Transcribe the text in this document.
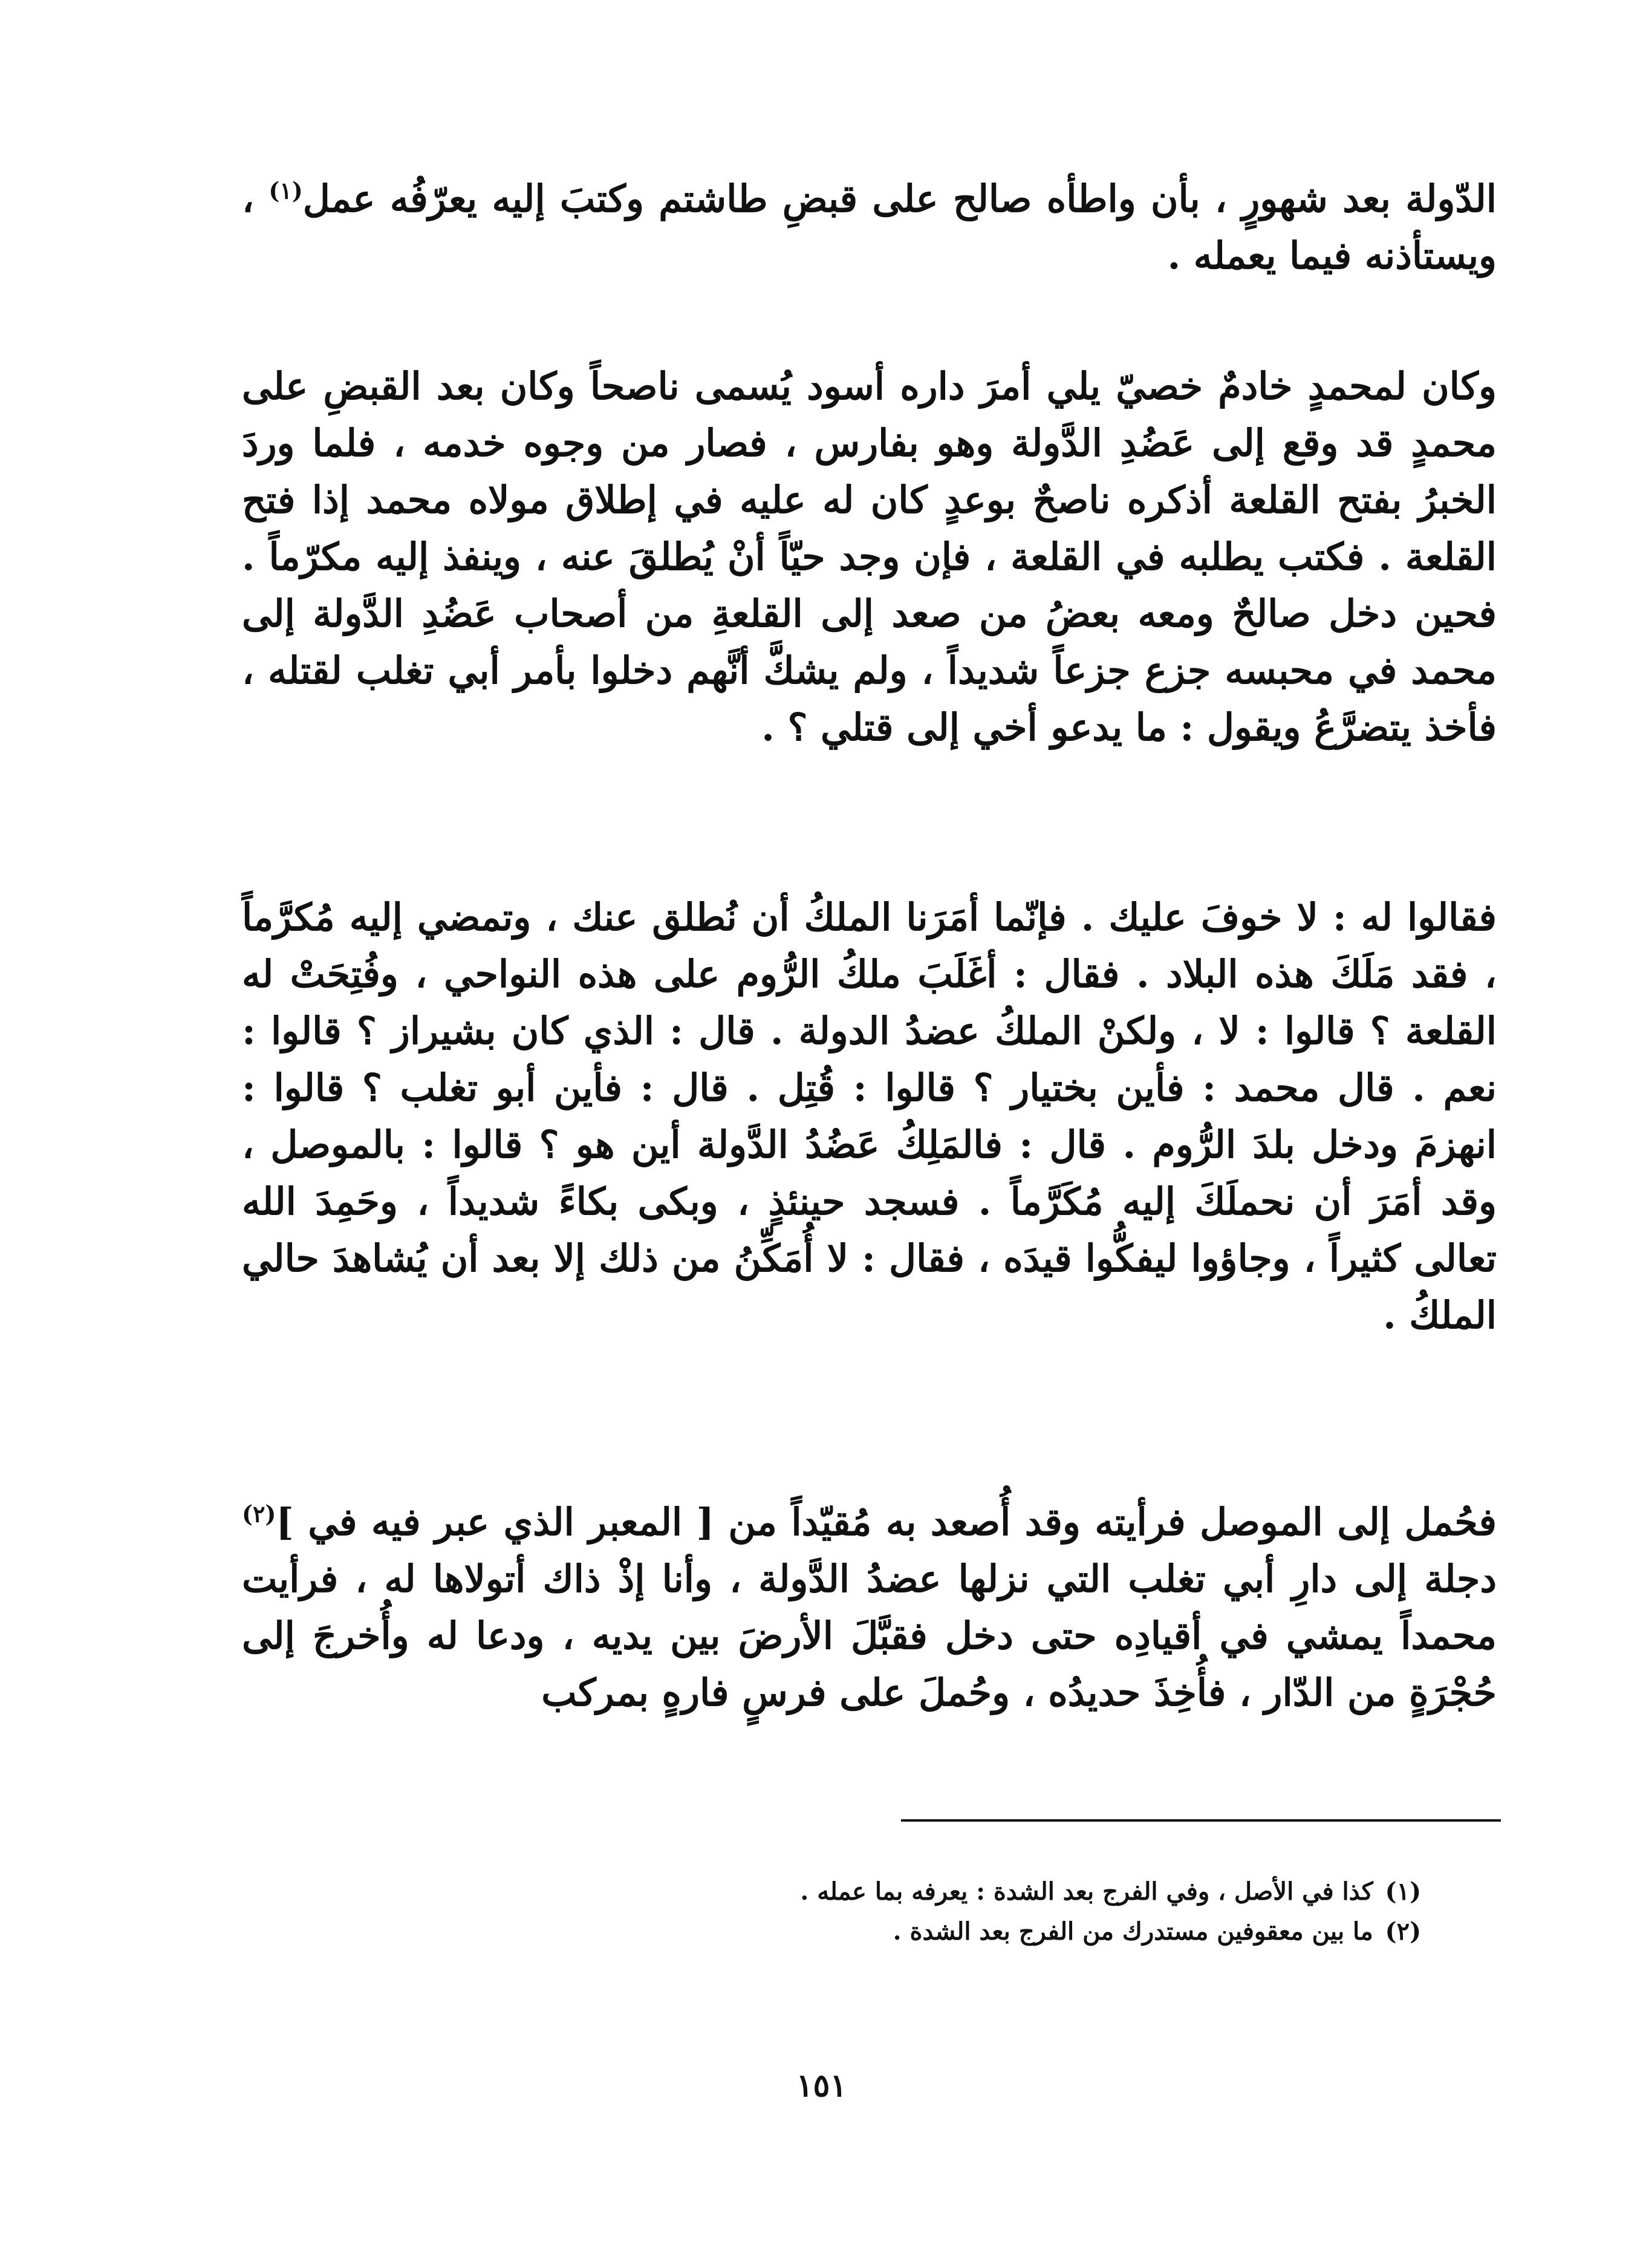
الدّولة بعد شهورٍ ، بأن واطأه صالح على قبضِ طاشتم وكتبَ إليه يعرّفُه عمل$^{(١)}$ ، ويستأذنه فيما يعمله .

وكان لمحمدٍ خادمٌ خصيّ يلي أمرَ داره أسود يُسمى ناصحاً وكان بعد القبضِ على محمدٍ قد وقع إلى عَضُدِ الدَّولة وهو بفارس ، فصار من وجوه خدمه ، فلما وردَ الخبرُ بفتح القلعة أذكره ناصحٌ بوعدٍ كان له عليه في إطلاق مولاه محمد إذا فتح القلعة . فكتب يطلبه في القلعة ، فإن وجد حيّاً أنْ يُطلقَ عنه ، وينفذ إليه مكرّماً . فحين دخل صالحٌ ومعه بعضُ من صعد إلى القلعةِ من أصحاب عَضُدِ الدَّولة إلى محمد في محبسه جزع جزعاً شديداً ، ولم يشكَّ أنَّهم دخلوا بأمر أبي تغلب لقتله ، فأخذ يتضرَّعُ ويقول : ما يدعو أخي إلى قتلي ؟ .

فقالوا له : لا خوفَ عليك . فإنّما أمَرَنا الملكُ أن نُطلق عنك ، وتمضي إليه مُكرَّماً ، فقد مَلَكَ هذه البلاد . فقال : أغَلَبَ ملكُ الرُّوم على هذه النواحي ، وفُتِحَتْ له القلعة ؟ قالوا : لا ، ولكنْ الملكُ عضدُ الدولة . قال : الذي كان بشيراز ؟ قالوا : نعم . قال محمد : فأين بختيار ؟ قالوا : قُتِل . قال : فأين أبو تغلب ؟ قالوا : انهزمَ ودخل بلدَ الرُّوم . قال : فالمَلِكُ عَضُدُ الدَّولة أين هو ؟ قالوا : بالموصل ، وقد أمَرَ أن نحملَكَ إليه مُكَرَّماً . فسجد حينئذٍ ، وبكى بكاءً شديداً ، وحَمِدَ الله تعالى كثيراً ، وجاؤوا ليفكُّوا قيدَه ، فقال : لا أُمَكِّنُ من ذلك إلا بعد أن يُشاهدَ حالي الملكُ .

فحُمل إلى الموصل فرأيته وقد أُصعد به مُقيّداً من [ المعبر الذي عبر فيه في ]$^{(٢)}$ دجلة إلى دارِ أبي تغلب التي نزلها عضدُ الدَّولة ، وأنا إذْ ذاك أتولاها له ، فرأيت محمداً يمشي في أقيادِه حتى دخل فقبَّلَ الأرضَ بين يديه ، ودعا له وأُخرجَ إلى حُجْرَةٍ من الدّار ، فأُخِذَ حديدُه ، وحُملَ على فرسٍ فارهٍ بمركب

(١)كذا في الأصل ، وفي الفرج بعد الشدة : يعرفه بما عمله .
(٢)ما بين معقوفين مستدرك من الفرج بعد الشدة .
١٥١
